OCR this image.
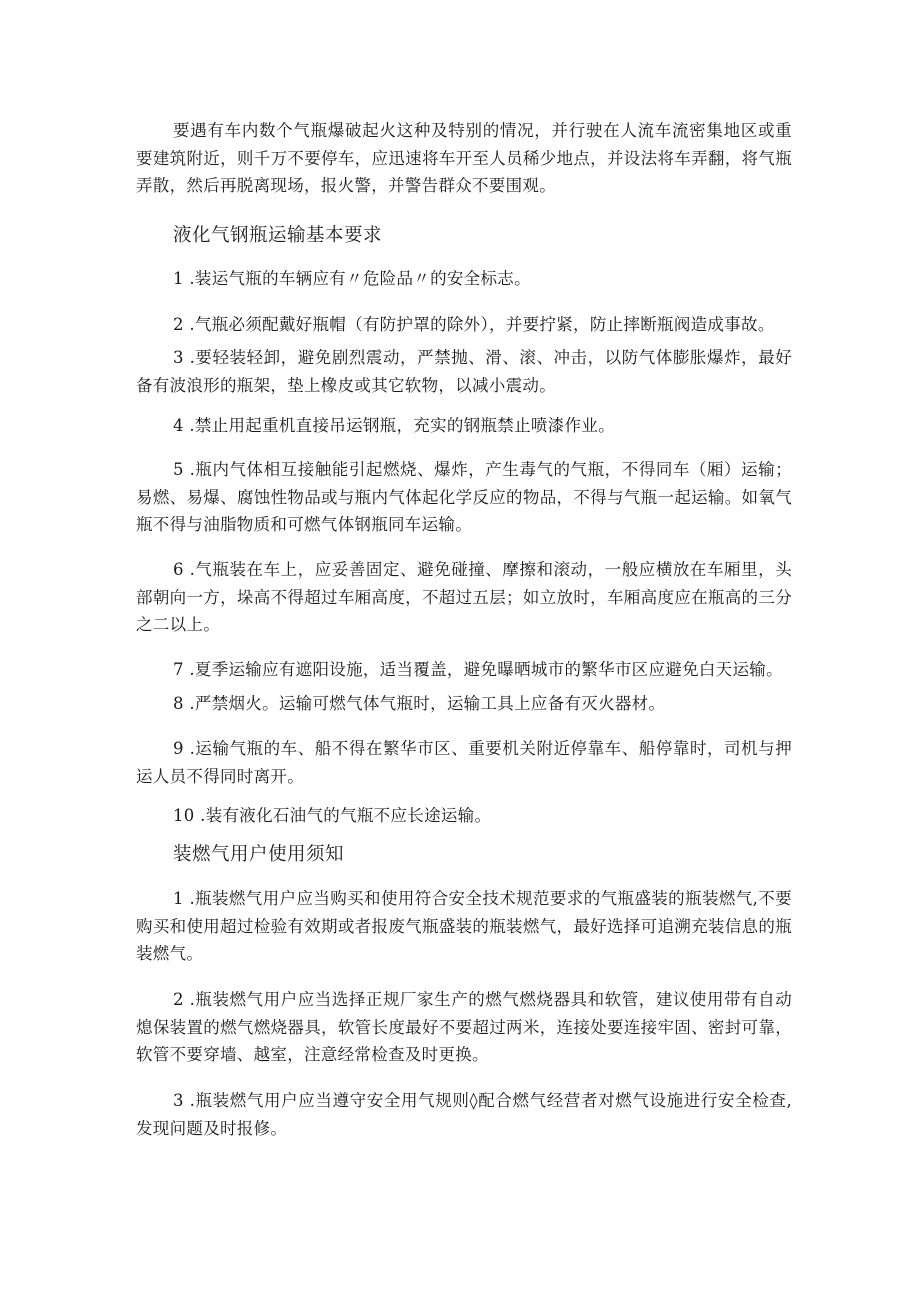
要遇有车内数个气瓶爆破起火这种及特别的情况，并行驶在人流车流密集地区或重要建筑附近，则千万不要停车，应迅速将车开至人员稀少地点，并设法将车弄翻，将气瓶弄散，然后再脱离现场，报火警，并警告群众不要围观。

液化气钢瓶运输基本要求

1 .装运气瓶的车辆应有〃危险品〃的安全标志。

2 .气瓶必须配戴好瓶帽（有防护罩的除外），并要拧紧，防止摔断瓶阀造成事故。

3 .要轻装轻卸，避免剧烈震动，严禁抛、滑、滚、冲击，以防气体膨胀爆炸，最好备有波浪形的瓶架，垫上橡皮或其它软物，以减小震动。

4 .禁止用起重机直接吊运钢瓶，充实的钢瓶禁止喷漆作业。

5 .瓶内气体相互接触能引起燃烧、爆炸，产生毒气的气瓶，不得同车（厢）运输；易燃、易爆、腐蚀性物品或与瓶内气体起化学反应的物品，不得与气瓶一起运输。如氧气瓶不得与油脂物质和可燃气体钢瓶同车运输。

6 .气瓶装在车上，应妥善固定、避免碰撞、摩擦和滚动，一般应横放在车厢里，头部朝向一方，垛高不得超过车厢高度，不超过五层；如立放时，车厢高度应在瓶高的三分之二以上。

7 .夏季运输应有遮阳设施，适当覆盖，避免曝晒城市的繁华市区应避免白天运输。

8 .严禁烟火。运输可燃气体气瓶时，运输工具上应备有灭火器材。

9 .运输气瓶的车、船不得在繁华市区、重要机关附近停靠车、船停靠时，司机与押运人员不得同时离开。

10 .装有液化石油气的气瓶不应长途运输。

装燃气用户使用须知

1 .瓶装燃气用户应当购买和使用符合安全技术规范要求的气瓶盛装的瓶装燃气,不要购买和使用超过检验有效期或者报废气瓶盛装的瓶装燃气，最好选择可追溯充装信息的瓶装燃气。

2 .瓶装燃气用户应当选择正规厂家生产的燃气燃烧器具和软管，建议使用带有自动熄保装置的燃气燃烧器具，软管长度最好不要超过两米，连接处要连接牢固、密封可靠，软管不要穿墙、越室，注意经常检查及时更换。

3 .瓶装燃气用户应当遵守安全用气规则◊配合燃气经营者对燃气设施进行安全检查,发现问题及时报修。
